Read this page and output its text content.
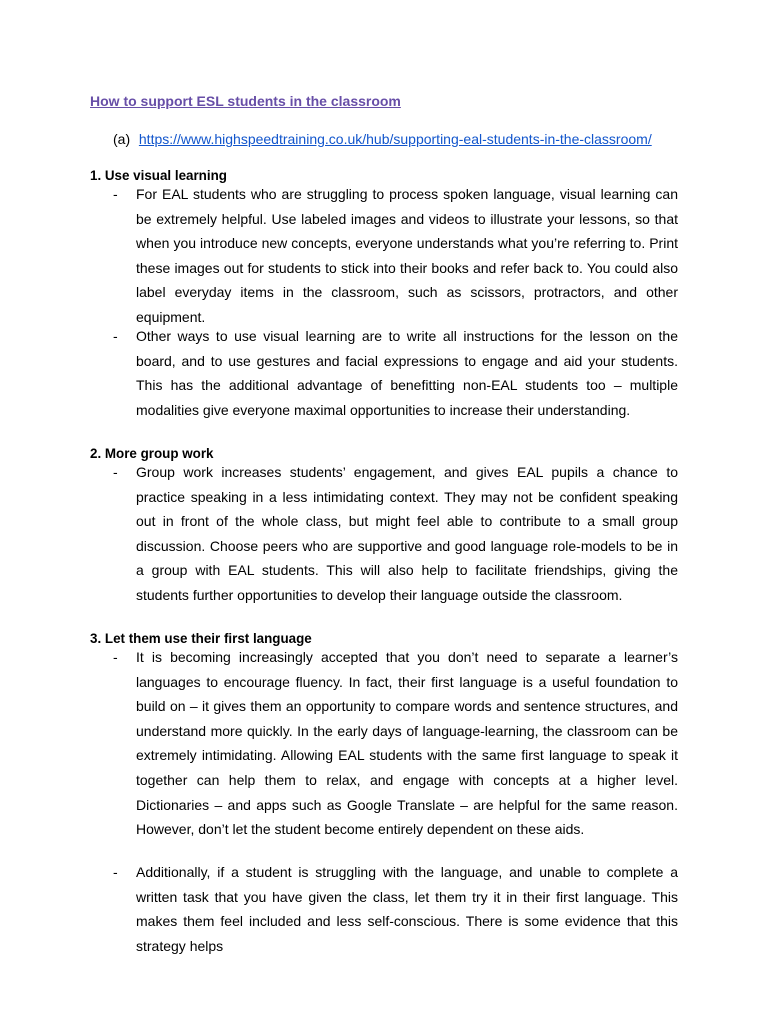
How to support ESL students in the classroom
(a) https://www.highspeedtraining.co.uk/hub/supporting-eal-students-in-the-classroom/
1. Use visual learning
- For EAL students who are struggling to process spoken language, visual learning can be extremely helpful. Use labeled images and videos to illustrate your lessons, so that when you introduce new concepts, everyone understands what you’re referring to. Print these images out for students to stick into their books and refer back to. You could also label everyday items in the classroom, such as scissors, protractors, and other equipment.
- Other ways to use visual learning are to write all instructions for the lesson on the board, and to use gestures and facial expressions to engage and aid your students. This has the additional advantage of benefitting non-EAL students too – multiple modalities give everyone maximal opportunities to increase their understanding.
2. More group work
- Group work increases students’ engagement, and gives EAL pupils a chance to practice speaking in a less intimidating context. They may not be confident speaking out in front of the whole class, but might feel able to contribute to a small group discussion. Choose peers who are supportive and good language role-models to be in a group with EAL students. This will also help to facilitate friendships, giving the students further opportunities to develop their language outside the classroom.
3. Let them use their first language
- It is becoming increasingly accepted that you don’t need to separate a learner’s languages to encourage fluency. In fact, their first language is a useful foundation to build on – it gives them an opportunity to compare words and sentence structures, and understand more quickly. In the early days of language-learning, the classroom can be extremely intimidating. Allowing EAL students with the same first language to speak it together can help them to relax, and engage with concepts at a higher level. Dictionaries – and apps such as Google Translate – are helpful for the same reason. However, don’t let the student become entirely dependent on these aids.
- Additionally, if a student is struggling with the language, and unable to complete a written task that you have given the class, let them try it in their first language. This makes them feel included and less self-conscious. There is some evidence that this strategy helps
